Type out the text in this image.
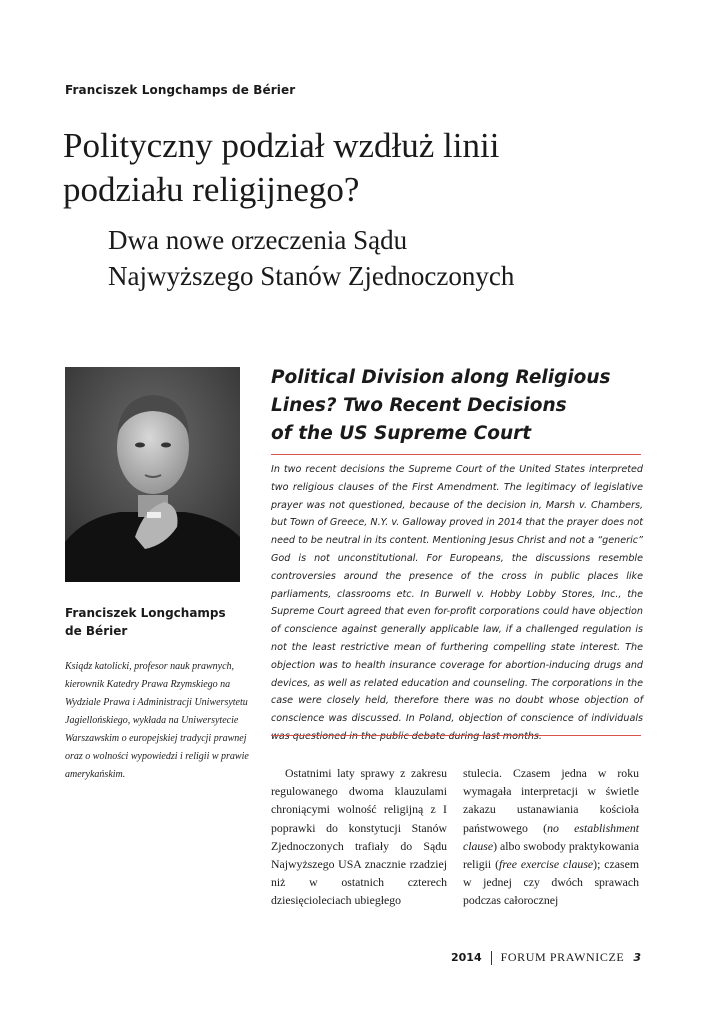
Franciszek Longchamps de Bérier
Polityczny podział wzdłuż linii
podziału religijnego?
Dwa nowe orzeczenia Sądu
Najwyższego Stanów Zjednoczonych
Franciszek Longchamps
de Bérier
Ksiądz katolicki, profesor nauk prawnych, kierownik Katedry Prawa Rzymskiego na Wydziale Prawa i Administracji Uniwersytetu Jagiellońskiego, wykłada na Uniwersytecie Warszawskim o europejskiej tradycji prawnej oraz o wolności wypowiedzi i religii w prawie amerykańskim.
Political Division along Religious
Lines? Two Recent Decisions
of the US Supreme Court
In two recent decisions the Supreme Court of the United States interpreted two religious clauses of the First Amendment. The legitimacy of legislative prayer was not questioned, because of the decision in, Marsh v. Chambers, but Town of Greece, N.Y. v. Galloway proved in 2014 that the prayer does not need to be neutral in its content. Mentioning Jesus Christ and not a “generic” God is not unconstitutional. For Europeans, the discussions resemble controversies around the presence of the cross in public places like parliaments, classrooms etc. In Burwell v. Hobby Lobby Stores, Inc., the Supreme Court agreed that even for-profit corporations could have objection of conscience against generally applicable law, if a challenged regulation is not the least restrictive mean of furthering compelling state interest. The objection was to health insurance coverage for abortion-inducing drugs and devices, as well as related education and counseling. The corporations in the case were closely held, therefore there was no doubt whose objection of conscience was discussed. In Poland, objection of conscience of individuals was questioned in the public debate during last months.

Ostatnimi laty sprawy z zakresu regulowanego dwoma klauzulami chroniącymi wolność religijną z I poprawki do konstytucji Stanów Zjednoczonych trafiały do Sądu Najwyższego USA znacznie rzadziej niż w ostatnich czterech dziesięcioleciach ubiegłego

stulecia. Czasem jedna w roku wymagała interpretacji w świetle zakazu ustanawiania kościoła państwowego (no establishment clause) albo swobody praktykowania religii (free exercise clause); czasem w jednej czy dwóch sprawach podczas całorocznej

2014 FORUM PRAWNICZE 3
